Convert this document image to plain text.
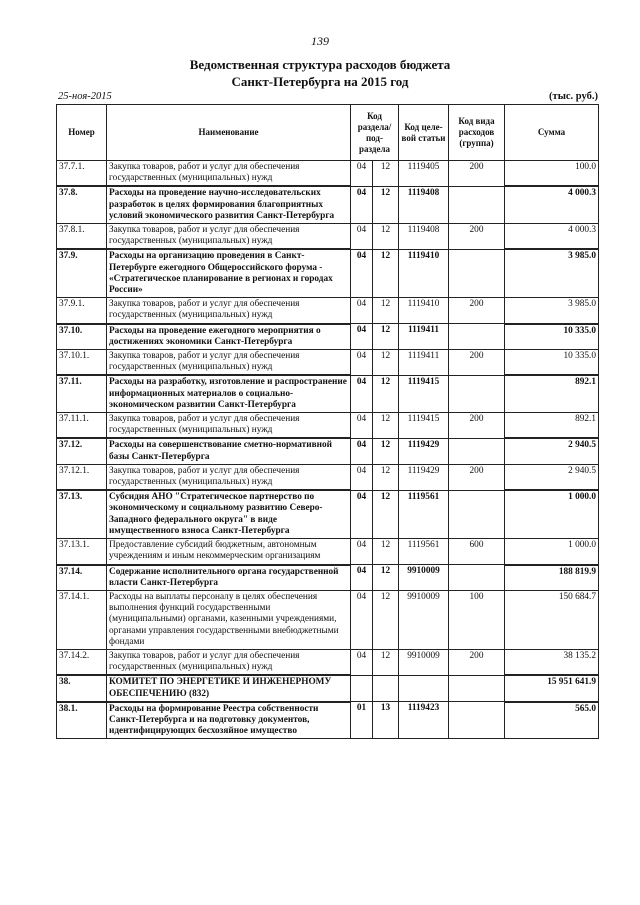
139
Ведомственная структура расходов бюджета
Санкт-Петербурга на 2015 год
25-ноя-2015	(тыс. руб.)
Номер	Наименование	Код раздела/ под-раздела		Код целе-вой статьи	Код вида расходов (группа)	Сумма
37.7.1.	Закупка товаров, работ и услуг для обеспечения государственных (муниципальных) нужд	04	12	1119405	200	100.0
37.8.	Расходы на проведение научно-исследовательских разработок в целях формирования благоприятных условий экономического развития Санкт-Петербурга	04	12	1119408		4 000.3
37.8.1.	Закупка товаров, работ и услуг для обеспечения государственных (муниципальных) нужд	04	12	1119408	200	4 000.3
37.9.	Расходы на организацию проведения в Санкт-Петербурге ежегодного Общероссийского форума - «Стратегическое планирование в регионах и городах России»	04	12	1119410		3 985.0
37.9.1.	Закупка товаров, работ и услуг для обеспечения государственных (муниципальных) нужд	04	12	1119410	200	3 985.0
37.10.	Расходы на проведение ежегодного мероприятия о достижениях экономики Санкт-Петербурга	04	12	1119411		10 335.0
37.10.1.	Закупка товаров, работ и услуг для обеспечения государственных (муниципальных) нужд	04	12	1119411	200	10 335.0
37.11.	Расходы на разработку, изготовление и распространение информационных материалов о социально-экономическом развитии Санкт-Петербурга	04	12	1119415		892.1
37.11.1.	Закупка товаров, работ и услуг для обеспечения государственных (муниципальных) нужд	04	12	1119415	200	892.1
37.12.	Расходы на совершенствование сметно-нормативной базы Санкт-Петербурга	04	12	1119429		2 940.5
37.12.1.	Закупка товаров, работ и услуг для обеспечения государственных (муниципальных) нужд	04	12	1119429	200	2 940.5
37.13.	Субсидия АНО "Стратегическое партнерство по экономическому и социальному развитию Северо-Западного федерального округа" в виде имущественного взноса Санкт-Петербурга	04	12	1119561		1 000.0
37.13.1.	Предоставление субсидий бюджетным, автономным учреждениям и иным некоммерческим организациям	04	12	1119561	600	1 000.0
37.14.	Содержание исполнительного органа государственной власти Санкт-Петербурга	04	12	9910009		188 819.9
37.14.1.	Расходы на выплаты персоналу в целях обеспечения выполнения функций государственными (муниципальными) органами, казенными учреждениями, органами управления государственными внебюджетными фондами	04	12	9910009	100	150 684.7
37.14.2.	Закупка товаров, работ и услуг для обеспечения государственных (муниципальных) нужд	04	12	9910009	200	38 135.2
38.	КОМИТЕТ ПО ЭНЕРГЕТИКЕ И ИНЖЕНЕРНОМУ ОБЕСПЕЧЕНИЮ (832)					15 951 641.9
38.1.	Расходы на формирование Реестра собственности Санкт-Петербурга и на подготовку документов, идентифицирующих бесхозяйное имущество	01	13	1119423		565.0
